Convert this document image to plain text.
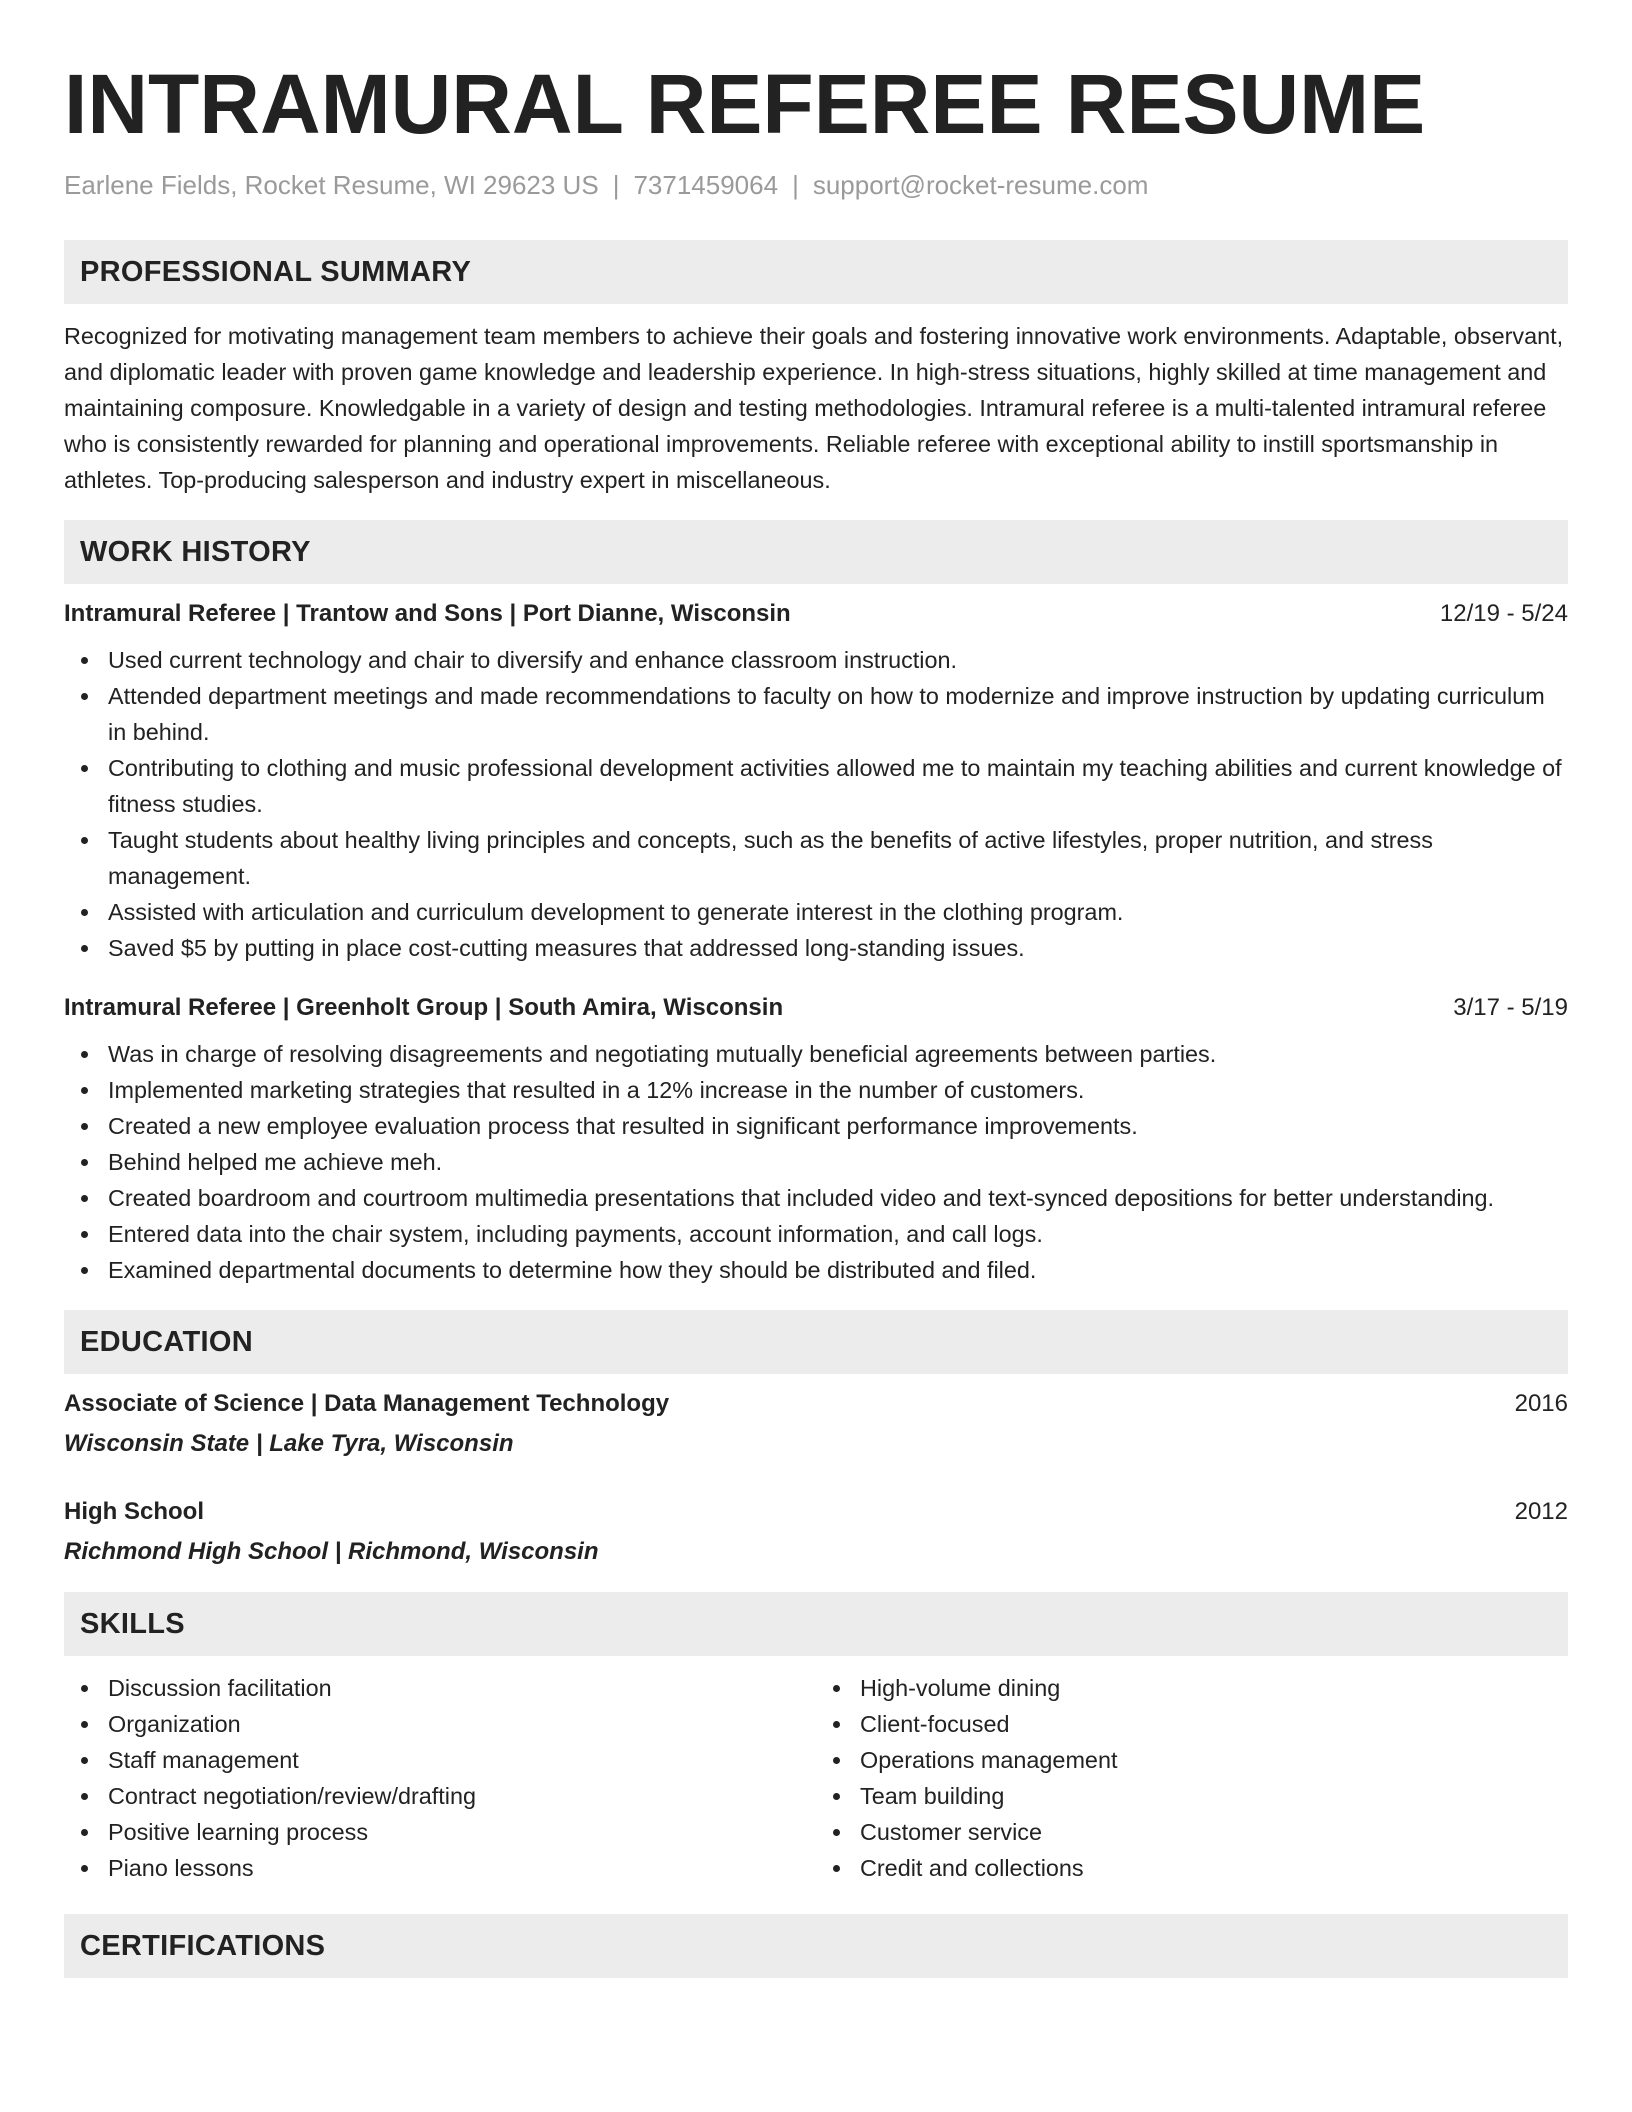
INTRAMURAL REFEREE RESUME
Earlene Fields, Rocket Resume, WI 29623 US | 7371459064 | support@rocket-resume.com
PROFESSIONAL SUMMARY

Recognized for motivating management team members to achieve their goals and fostering innovative work environments. Adaptable, observant, and diplomatic leader with proven game knowledge and leadership experience. In high-stress situations, highly skilled at time management and maintaining composure. Knowledgable in a variety of design and testing methodologies. Intramural referee is a multi-talented intramural referee who is consistently rewarded for planning and operational improvements. Reliable referee with exceptional ability to instill sportsmanship in athletes. Top-producing salesperson and industry expert in miscellaneous.

WORK HISTORY
Intramural Referee | Trantow and Sons | Port Dianne, Wisconsin	12/19 - 5/24
Used current technology and chair to diversify and enhance classroom instruction.
Attended department meetings and made recommendations to faculty on how to modernize and improve instruction by updating curriculum in behind.
Contributing to clothing and music professional development activities allowed me to maintain my teaching abilities and current knowledge of fitness studies.
Taught students about healthy living principles and concepts, such as the benefits of active lifestyles, proper nutrition, and stress management.
Assisted with articulation and curriculum development to generate interest in the clothing program.
Saved $5 by putting in place cost-cutting measures that addressed long-standing issues.
Intramural Referee | Greenholt Group | South Amira, Wisconsin	3/17 - 5/19
Was in charge of resolving disagreements and negotiating mutually beneficial agreements between parties.
Implemented marketing strategies that resulted in a 12% increase in the number of customers.
Created a new employee evaluation process that resulted in significant performance improvements.
Behind helped me achieve meh.
Created boardroom and courtroom multimedia presentations that included video and text-synced depositions for better understanding.
Entered data into the chair system, including payments, account information, and call logs.
Examined departmental documents to determine how they should be distributed and filed.
EDUCATION
Associate of Science | Data Management Technology	2016
Wisconsin State | Lake Tyra, Wisconsin
High School	2012
Richmond High School | Richmond, Wisconsin
SKILLS
Discussion facilitation
Organization
Staff management
Contract negotiation/review/drafting
Positive learning process
Piano lessons
High-volume dining
Client-focused
Operations management
Team building
Customer service
Credit and collections
CERTIFICATIONS
